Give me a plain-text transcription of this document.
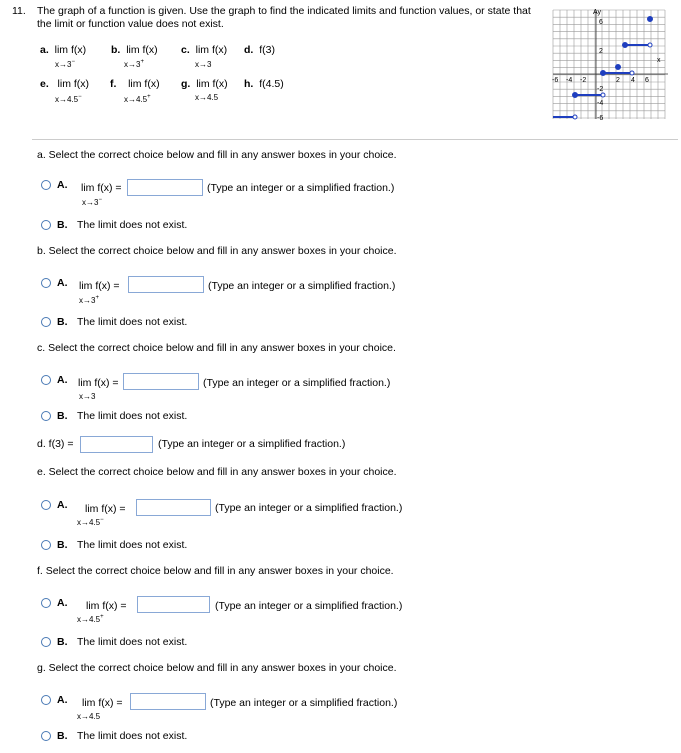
11. The graph of a function is given. Use the graph to find the indicated limits and function values, or state that the limit or function value does not exist.
a. lim f(x)
x→3−
b. lim f(x)
x→3+
c. lim f(x)
x→3
d. f(3)
e. lim f(x)
x→4.5−
f. lim f(x)
x→4.5+
g. lim f(x)
x→4.5
h. f(4.5)
x
Ay
-6 -4 -2	2 4 6
6
2
-2
-4
-6
a. Select the correct choice below and fill in any answer boxes in your choice.
A. lim f(x) =
x→3−
(Type an integer or a simplified fraction.)
B. The limit does not exist.
b. Select the correct choice below and fill in any answer boxes in your choice.
A. lim f(x) =
x→3+
(Type an integer or a simplified fraction.)
B. The limit does not exist.
c. Select the correct choice below and fill in any answer boxes in your choice.
A. lim f(x) =
x→3
(Type an integer or a simplified fraction.)
B. The limit does not exist.
d. f(3) =	(Type an integer or a simplified fraction.)
e. Select the correct choice below and fill in any answer boxes in your choice.
A. lim f(x) =
x→4.5−
(Type an integer or a simplified fraction.)
B. The limit does not exist.
f. Select the correct choice below and fill in any answer boxes in your choice.
A. lim f(x) =
x→4.5+
(Type an integer or a simplified fraction.)
B. The limit does not exist.
g. Select the correct choice below and fill in any answer boxes in your choice.
A. lim f(x) =
x→4.5
(Type an integer or a simplified fraction.)
B. The limit does not exist.
